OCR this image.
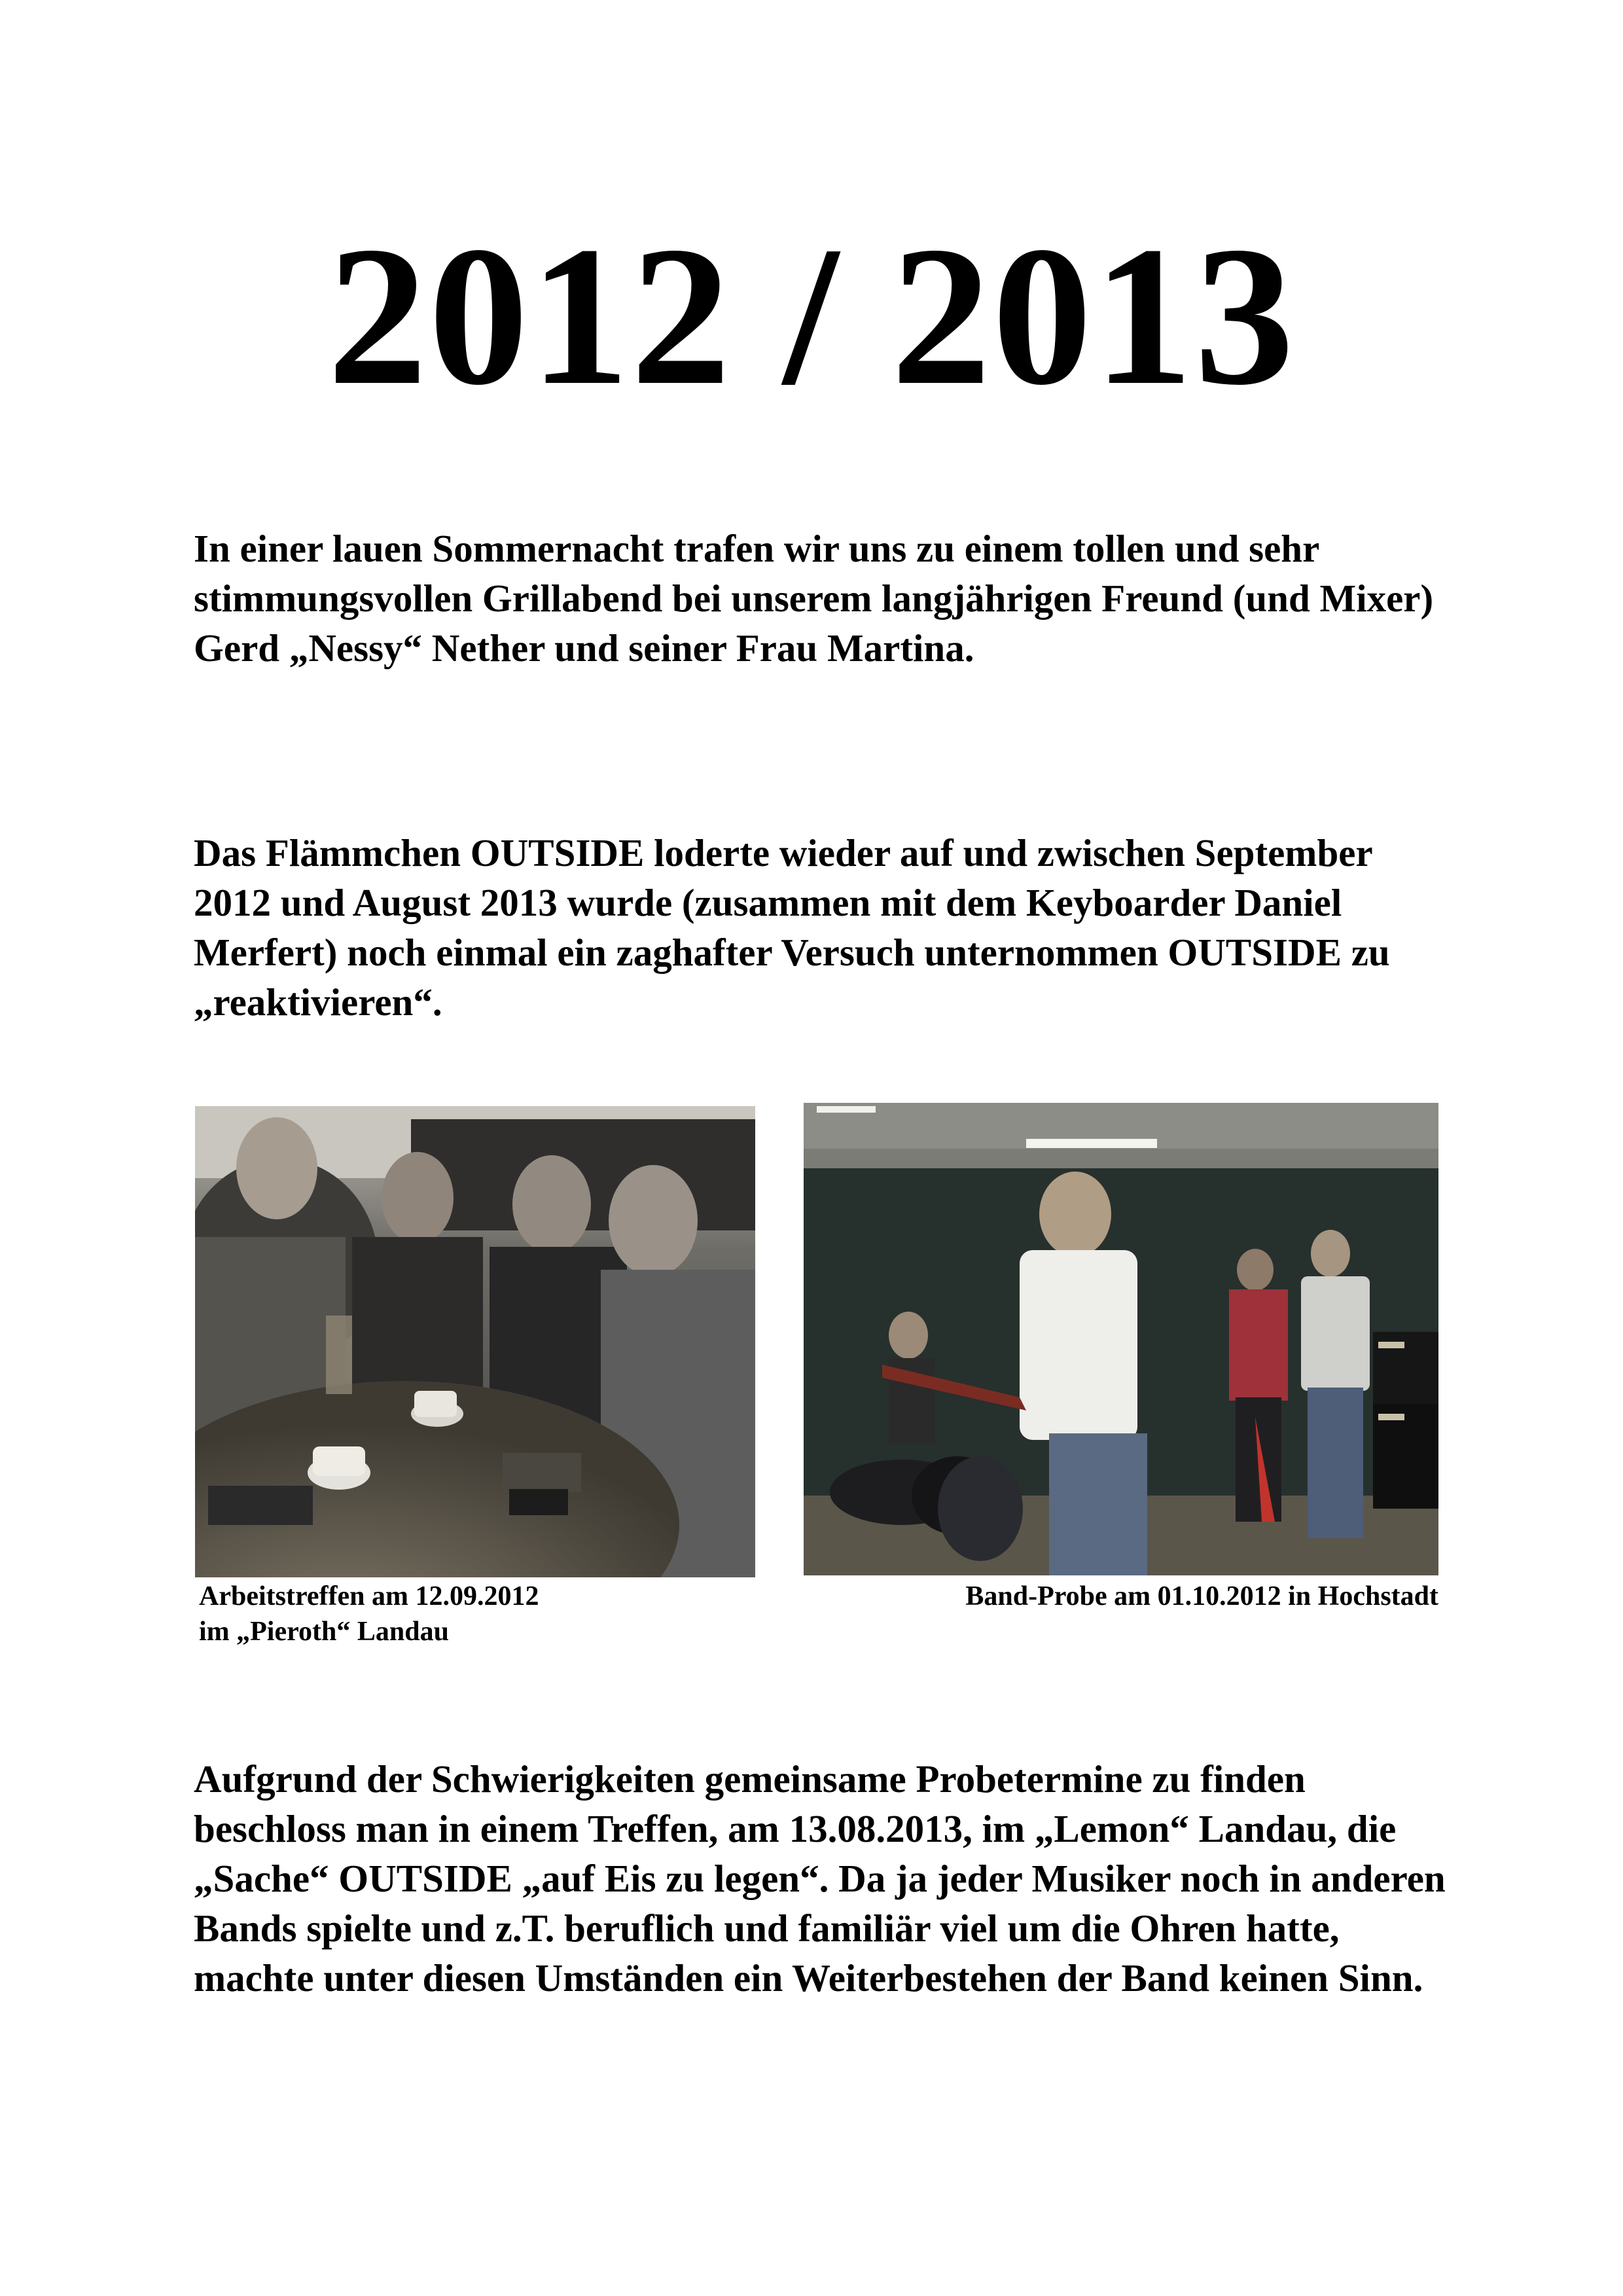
2012 / 2013

In einer lauen Sommernacht trafen wir uns zu einem tollen und sehr stimmungsvollen Grillabend bei unserem langjährigen Freund (und Mixer) Gerd „Nessy“ Nether und seiner Frau Martina.

Das Flämmchen OUTSIDE loderte wieder auf und zwischen September 2012 und August 2013 wurde (zusammen mit dem Keyboarder Daniel Merfert) noch einmal ein zaghafter Versuch unternommen OUTSIDE zu „reaktivieren“.

Arbeitstreffen am 12.09.2012
im „Pieroth“ Landau

Band-Probe am 01.10.2012 in Hochstadt

Aufgrund der Schwierigkeiten gemeinsame Probetermine zu finden beschloss man in einem Treffen, am 13.08.2013, im „Lemon“ Landau, die „Sache“ OUTSIDE „auf Eis zu legen“. Da ja jeder Musiker noch in anderen Bands spielte und z.T. beruflich und familiär viel um die Ohren hatte, machte unter diesen Umständen ein Weiterbestehen der Band keinen Sinn.
